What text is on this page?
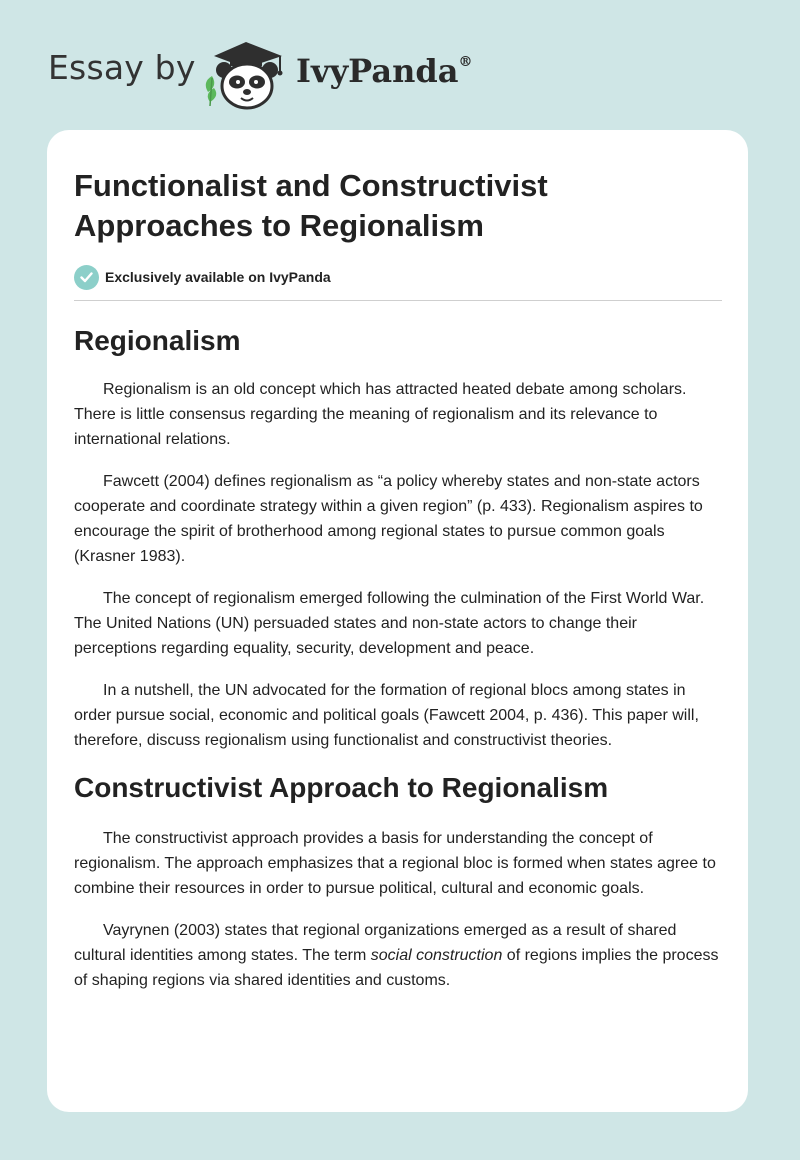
Essay by	IvyPanda®
Functionalist and Constructivist Approaches to Regionalism
Exclusively available on IvyPanda
Regionalism

Regionalism is an old concept which has attracted heated debate among scholars. There is little consensus regarding the meaning of regionalism and its relevance to international relations.

Fawcett (2004) defines regionalism as “a policy whereby states and non-state actors cooperate and coordinate strategy within a given region” (p. 433). Regionalism aspires to encourage the spirit of brotherhood among regional states to pursue common goals (Krasner 1983).

The concept of regionalism emerged following the culmination of the First World War. The United Nations (UN) persuaded states and non-state actors to change their perceptions regarding equality, security, development and peace.

In a nutshell, the UN advocated for the formation of regional blocs among states in order pursue social, economic and political goals (Fawcett 2004, p. 436). This paper will, therefore, discuss regionalism using functionalist and constructivist theories.

Constructivist Approach to Regionalism

The constructivist approach provides a basis for understanding the concept of regionalism. The approach emphasizes that a regional bloc is formed when states agree to combine their resources in order to pursue political, cultural and economic goals.

Vayrynen (2003) states that regional organizations emerged as a result of shared cultural identities among states. The term social construction of regions implies the process of shaping regions via shared identities and customs.
